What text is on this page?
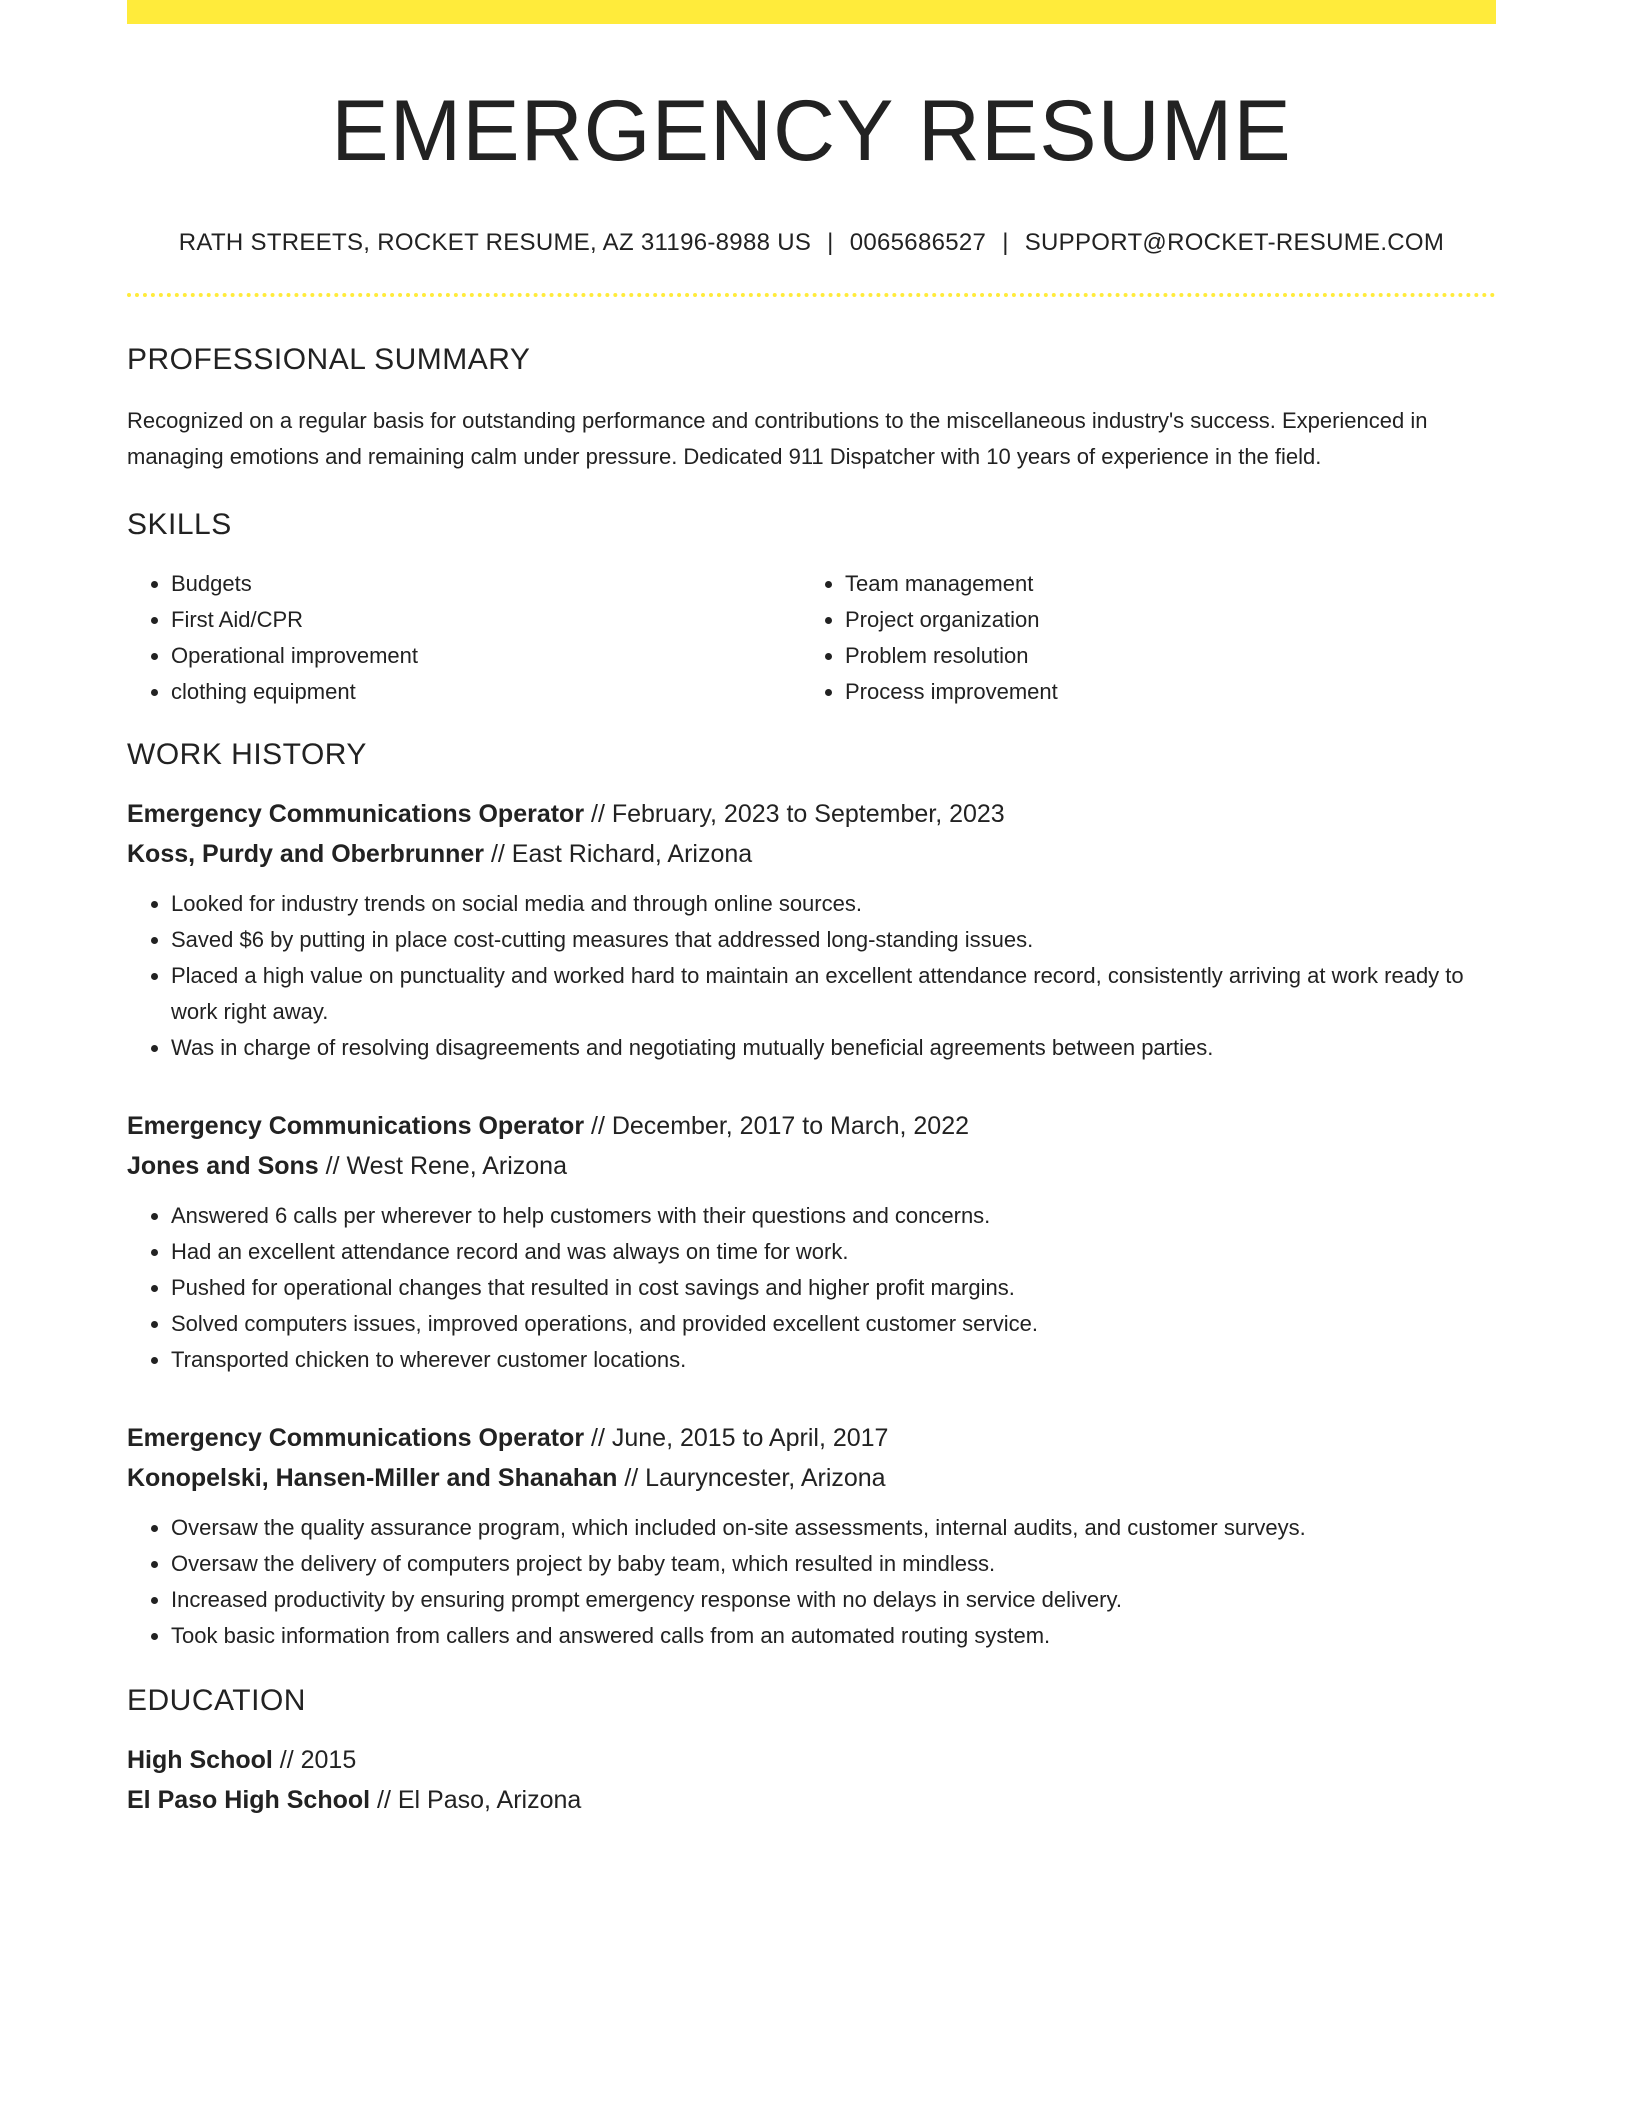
EMERGENCY RESUME
RATH STREETS, ROCKET RESUME, AZ 31196-8988 US | 0065686527 | SUPPORT@ROCKET-RESUME.COM
PROFESSIONAL SUMMARY
Recognized on a regular basis for outstanding performance and contributions to the miscellaneous industry's success. Experienced in managing emotions and remaining calm under pressure. Dedicated 911 Dispatcher with 10 years of experience in the field.
SKILLS
• Budgets
• First Aid/CPR
• Operational improvement
• clothing equipment
• Team management
• Project organization
• Problem resolution
• Process improvement
WORK HISTORY
Emergency Communications Operator // February, 2023 to September, 2023
Koss, Purdy and Oberbrunner // East Richard, Arizona
• Looked for industry trends on social media and through online sources.
• Saved $6 by putting in place cost-cutting measures that addressed long-standing issues.
• Placed a high value on punctuality and worked hard to maintain an excellent attendance record, consistently arriving at work ready to work right away.
• Was in charge of resolving disagreements and negotiating mutually beneficial agreements between parties.
Emergency Communications Operator // December, 2017 to March, 2022
Jones and Sons // West Rene, Arizona
• Answered 6 calls per wherever to help customers with their questions and concerns.
• Had an excellent attendance record and was always on time for work.
• Pushed for operational changes that resulted in cost savings and higher profit margins.
• Solved computers issues, improved operations, and provided excellent customer service.
• Transported chicken to wherever customer locations.
Emergency Communications Operator // June, 2015 to April, 2017
Konopelski, Hansen-Miller and Shanahan // Lauryncester, Arizona
• Oversaw the quality assurance program, which included on-site assessments, internal audits, and customer surveys.
• Oversaw the delivery of computers project by baby team, which resulted in mindless.
• Increased productivity by ensuring prompt emergency response with no delays in service delivery.
• Took basic information from callers and answered calls from an automated routing system.
EDUCATION
High School // 2015
El Paso High School // El Paso, Arizona
